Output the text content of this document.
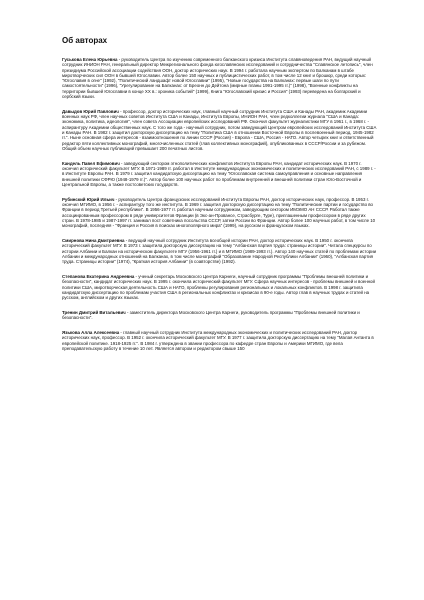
Об авторах

Гуськова Елена Юрьевна - руководитель Центра по изучению современного балканского кризиса Института славяноведения РАН, ведущий научный сотрудник ИНИОН РАН, генеральный директор Межрегионального фонда югославянских исследований и сотрудничества "Славянское летопись", член президиума Российской ассоциации содействия ООН, доктор исторических наук. В 1994 г. работала научным экспертом по Балканам в штабе миротворческих сил ООН в бывшей Югославии. Автор более 150 научных и публицистических работ, в том числе 12 книг и брошюр, среди которых: "Югославия в огне" (1992), "Политический ландшафт новой Югославии" (1995), "Новые государства на Балканах: первые шаги по пути самостоятельности" (1996), "Урегулирование на Балканах: от Бреонн до Дейтона (мирные планы 1991-1995 гг.)" (1998), "Военные конфликты на территории бывшей Югославии в конце XX в.: хроника событий" (1999), Книга "Югославский кризис и Россия" (1993) переведена на болгарский и сербский языки.

Давыдов Юрий Павлович - профессор, доктор исторических наук, главный научный сотрудник Института США и Канады РАН, академик Академии военных наук РФ, член научных советов Института США и Канады, Института Европы, ИНИОН РАН, член редколлегии журнала "США и Канада: экономика, политика, идеология", член совета Ассоциации европейских исследований РФ. Окончил факультет журналистики МГУ в 1961 г., в 1968 г. - аспирантуру Академии общественных наук. С того же года - научный сотрудник, потом заведующий Центром европейских исследований Института США и Канады РАН. В 1982 г. защитил докторскую диссертацию на тему "Политика США в отношении Восточной Европы в послевоенный период. 1945-1982 гг.". Ныне основная сфера интересов - взаимоотношения по линии СССР (Россия) - Европа - США, Россия - НАТО. Автор четырех книг и ответственный редактор пяти коллективных монографий, многочисленных статей (глав коллективных монографий), опубликованных в СССР/России и за рубежом. Общий объем научных публикаций превышает 200 печатных листов.

Кандель Павел Ефимович - заведующий сектором этнополитических конфликтов Института Европы РАН, кандидат исторических наук. В 1970 г. окончил исторический факультет МГУ. В 1971-1989 гг. работал в Институте международных экономических и политических исследований РАН, с 1989 г. - в Институте Европы РАН. В 1979 г. защитил кандидатскую диссертацию на тему "Югославская система самоуправления и основные направления внешней политики СФРЮ (1948-1979 гг.)". Автор более 100 научных работ по проблемам внутренней и внешней политики стран Юго-Восточной и Центральной Европы, а также постсоветских государств.

Рубинский Юрий Ильич - руководитель Центра французских исследований Института Европы РАН, доктор исторических наук, профессор. В 1953 г. окончил МГИМО, в 1956 г. - аспирантуру того же института. В 1969 г. защитил докторскую диссертацию на тему "Политические партии и государство во Франции в период Третьей республики". В 1956-1977 гг. работал научным сотрудником, заведующим сектором ИМЭМО АН СССР. Работал также ассоциированным профессором в ряде университетов Франции (в Экс-ан-Провансе, Страсбурге, Туре), приглашенным профессором в ряде других стран. В 1978-1985 и 1987-1997 гг. занимал пост советника посольства СССР, затем России во Франции. Автор более 100 научных работ, в том числе 10 монографий, последняя - "Франция и Россия в поисках многополярного мира" (1999), на русском и французском языках.

Смирнова Нина Дмитриевна - ведущий научный сотрудник Института всеобщей истории РАН, доктор исторических наук. В 1950 г. окончила исторический факультет МГУ. В 1973 г. защитила докторскую диссертацию на тему "Албанская партия труда: страницы истории". Читала спецкурсы по истории Албании и Балкан на историческом факультете МГУ (1956-1961 гг.) и в МГИМО (1989-1993 гг.). Автор 140 научных статей по проблемам истории Албании и международных отношений на Балканах, в том числе монографий "Образование Народной Республики Албании" (1960), "Албанская партия труда. Страницы истории" (1974), "Краткая история Албании" (в соавторстве) (1992).

Степанова Екатерина Андреевна - ученый секретарь Московского Центра Карнеги, научный сотрудник программы "Проблемы внешней политики и безопасности", кандидат исторических наук. В 1995 г. окончила исторический факультет МГУ. Сфера научных интересов - проблемы внешней и военной политики США, миротворческая деятельность США и НАТО, проблемы регулирования региональных и локальных конфликтов. В 1998 г. защитила кандидатскую диссертацию по проблемам участия США в региональных конфликтах и кризисах в 90-е годы. Автор глав в научных трудах и статей на русском, английском и других языках.

Тренин Дмитрий Витальевич - заместитель директора Московского Центра Карнеги, руководитель программы "Проблемы внешней политики и безопасности".

Язькова Алла Алексеевна - главный научный сотрудник Института международных экономических и политических исследований РАН, доктор исторических наук, профессор. В 1952 г. окончила исторический факультет МГУ. В 1977 г. защитила докторскую диссертацию на тему "Малая Антанта в европейской политике. 1918-1925 гг.". В 1984 г. утверждена в звании профессора по кафедре стран Европы и Америки МГИМО, где вела преподавательскую работу в течение 10 лет. Является автором и редактором свыше 150
